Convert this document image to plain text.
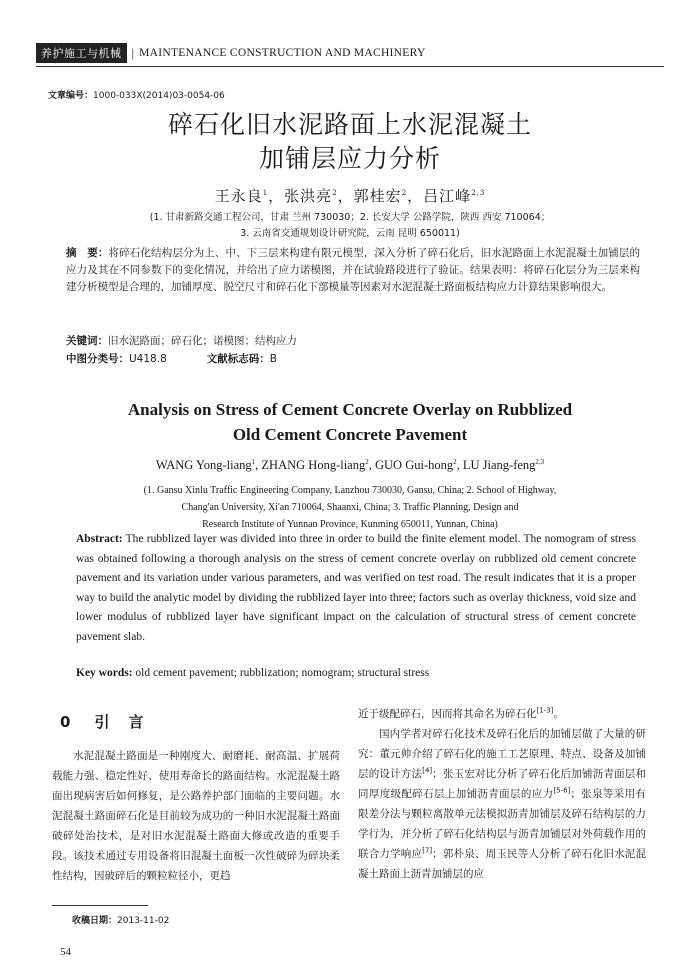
养护施工与机械 | MAINTENANCE CONSTRUCTION AND MACHINERY
文章编号：1000-033X(2014)03-0054-06
碎石化旧水泥路面上水泥混凝土
加铺层应力分析
王永良$^1$，张洪亮$^2$，郭桂宏$^2$，吕江峰$^{2,3}$
(1. 甘肃新路交通工程公司，甘肃 兰州 730030；2. 长安大学 公路学院，陕西 西安 710064；
3. 云南省交通规划设计研究院，云南 昆明 650011)
摘　要：将碎石化结构层分为上、中、下三层来构建有限元模型，深入分析了碎石化后，旧水泥路面上水泥混凝土加铺层的应力及其在不同参数下的变化情况，并给出了应力诺模图，并在试验路段进行了验证。结果表明：将碎石化层分为三层来构建分析模型是合理的，加铺厚度、脱空尺寸和碎石化下部模量等因素对水泥混凝土路面板结构应力计算结果影响很大。
关键词：旧水泥路面；碎石化；诺模图；结构应力
中图分类号：U418.8	文献标志码：B
Analysis on Stress of Cement Concrete Overlay on Rubblized
Old Cement Concrete Pavement
WANG Yong-liang$^1$, ZHANG Hong-liang$^2$, GUO Gui-hong$^2$, LU Jiang-feng$^{2,3}$
(1. Gansu Xinlu Traffic Engineering Company, Lanzhou 730030, Gansu, China; 2. School of Highway,
Chang'an University, Xi'an 710064, Shaanxi, China; 3. Traffic Planning, Design and
Research Institute of Yunnan Province, Kunming 650011, Yunnan, China)
Abstract: The rubblized layer was divided into three in order to build the finite element model. The nomogram of stress was obtained following a thorough analysis on the stress of cement concrete overlay on rubblized old cement concrete pavement and its variation under various parameters, and was verified on test road. The result indicates that it is a proper way to build the analytic model by dividing the rubblized layer into three; factors such as overlay thickness, void size and lower modulus of rubblized layer have significant impact on the calculation of structural stress of cement concrete pavement slab.
Key words: old cement pavement; rubblization; nomogram; structural stress
0 引　言

水泥混凝土路面是一种刚度大、耐磨耗、耐高温、扩展荷载能力强、稳定性好、使用寿命长的路面结构。水泥混凝土路面出现病害后如何修复，是公路养护部门面临的主要问题。水泥混凝土路面碎石化是目前较为成功的一种旧水泥混凝土路面破碎处治技术，是对旧水泥混凝土路面大修或改造的重要手段。该技术通过专用设备将旧混凝土面板一次性破碎为碎块柔性结构，因破碎后的颗粒粒径小，更趋

近于级配碎石，因而将其命名为碎石化[1-3]。

国内学者对碎石化技术及碎石化后的加铺层做了大量的研究：董元帅介绍了碎石化的施工工艺原理、特点、设备及加铺层的设计方法[4]；张玉宏对比分析了碎石化后加铺沥青面层和同厚度级配碎石层上加铺沥青面层的应力[5-6]；张泉等采用有限差分法与颗粒离散单元法模拟沥青加铺层及碎石结构层的力学行为，并分析了碎石化结构层与沥青加铺层对外荷载作用的联合力学响应[7]；郭朴泉、周玉民等人分析了碎石化旧水泥混凝土路面上沥青加铺层的应

收稿日期：2013-11-02
54
